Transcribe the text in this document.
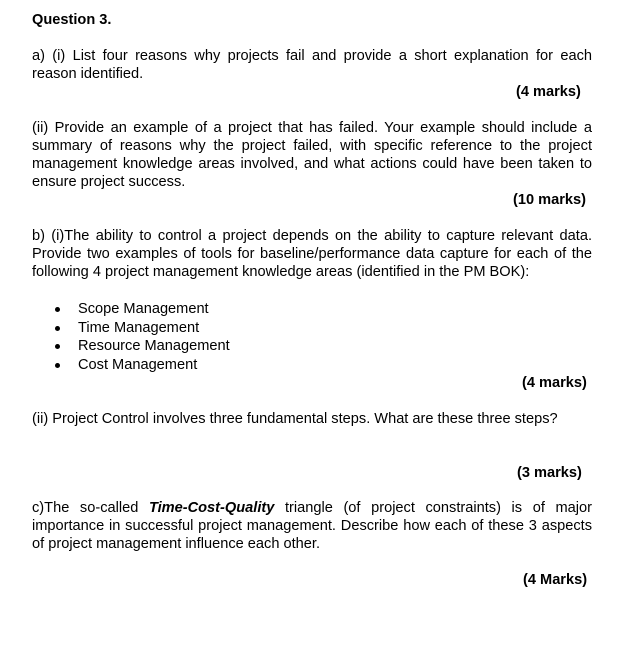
Question 3.
a) (i) List four reasons why projects fail and provide a short explanation for each reason identified.
(4 marks)
(ii) Provide an example of a project that has failed. Your example should include a summary of reasons why the project failed, with specific reference to the project management knowledge areas involved, and what actions could have been taken to ensure project success.
(10 marks)
b) (i)The ability to control a project depends on the ability to capture relevant data. Provide two examples of tools for baseline/performance data capture for each of the following 4 project management knowledge areas (identified in the PM BOK):
Scope Management
Time Management
Resource Management
Cost Management
(4 marks)
(ii) Project Control involves three fundamental steps. What are these three steps?
(3 marks)
c)The so-called Time-Cost-Quality triangle (of project constraints) is of major importance in successful project management. Describe how each of these 3 aspects of project management influence each other.
(4 Marks)
